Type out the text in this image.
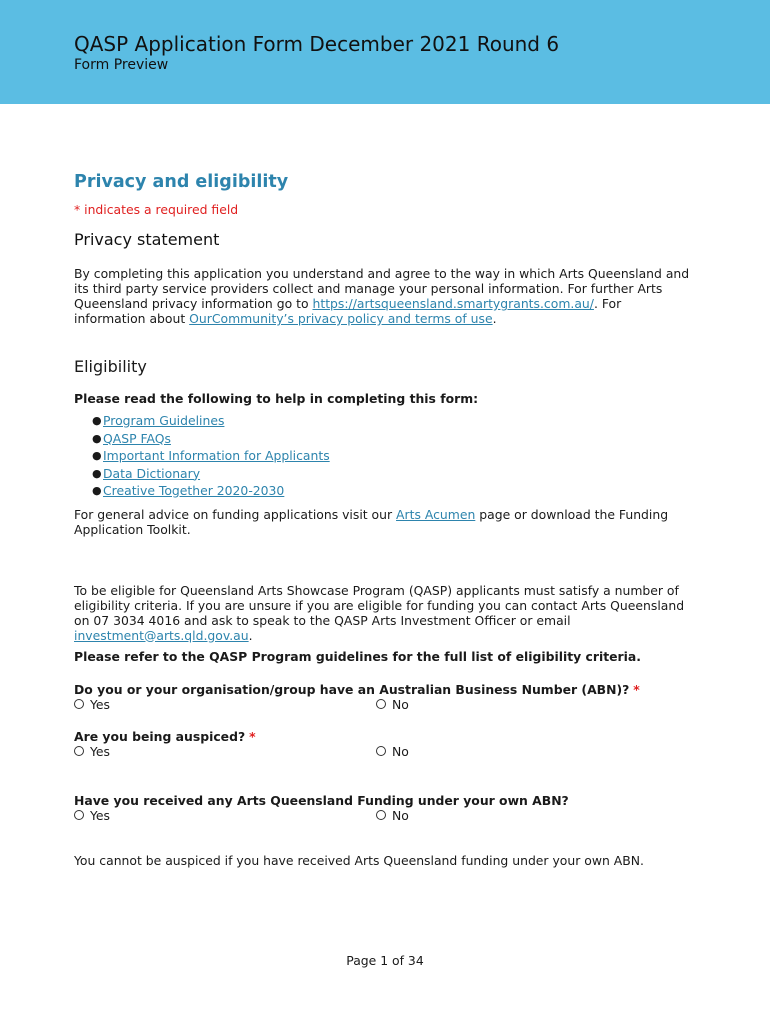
QASP Application Form December 2021 Round 6
Form Preview
Privacy and eligibility
* indicates a required field
Privacy statement
By completing this application you understand and agree to the way in which Arts Queensland and its third party service providers collect and manage your personal information. For further Arts Queensland privacy information go to https://artsqueensland.smartygrants.com.au/. For information about OurCommunity’s privacy policy and terms of use.
Eligibility
Please read the following to help in completing this form:
● Program Guidelines
● QASP FAQs
● Important Information for Applicants
● Data Dictionary
● Creative Together 2020-2030
For general advice on funding applications visit our Arts Acumen page or download the Funding Application Toolkit.
To be eligible for Queensland Arts Showcase Program (QASP) applicants must satisfy a number of eligibility criteria. If you are unsure if you are eligible for funding you can contact Arts Queensland on 07 3034 4016 and ask to speak to the QASP Arts Investment Officer or email investment@arts.qld.gov.au.
Please refer to the QASP Program guidelines for the full list of eligibility criteria.
Do you or your organisation/group have an Australian Business Number (ABN)? *
Yes	No
Are you being auspiced? *
Yes	No
Have you received any Arts Queensland Funding under your own ABN?
Yes	No
You cannot be auspiced if you have received Arts Queensland funding under your own ABN.
Page 1 of 34
